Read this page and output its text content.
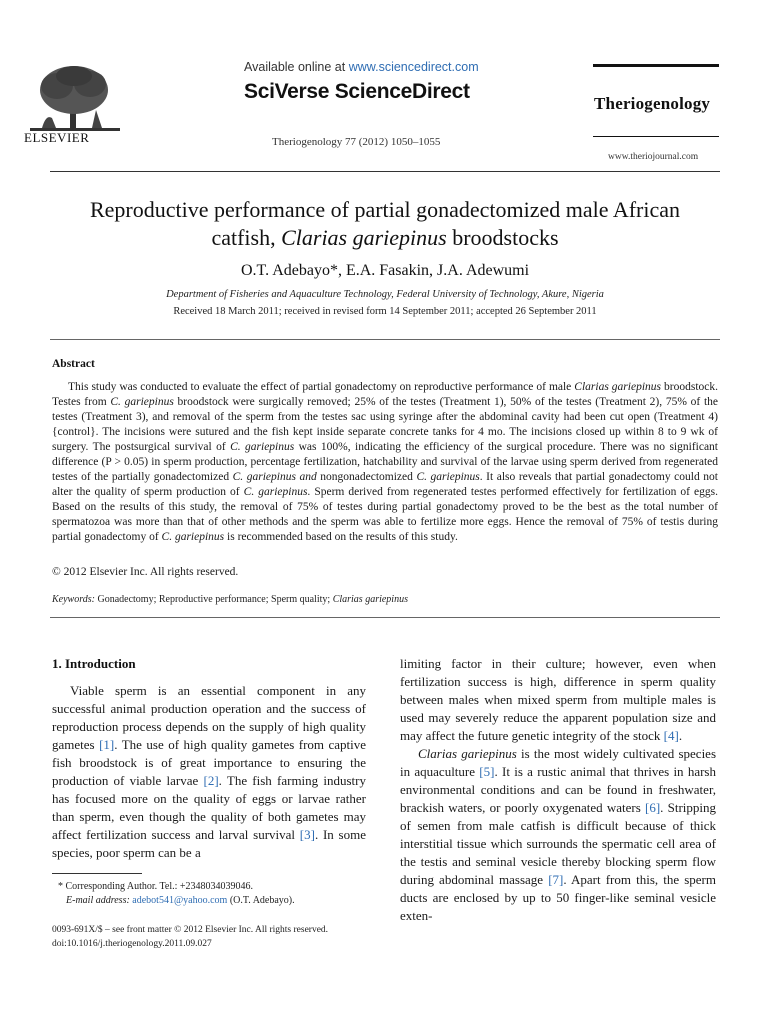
ELSEVIER
Available online at www.sciencedirect.com
SciVerse ScienceDirect
Theriogenology 77 (2012) 1050–1055
Theriogenology
www.theriojournal.com
Reproductive performance of partial gonadectomized male African
catfish, Clarias gariepinus broodstocks
O.T. Adebayo*, E.A. Fasakin, J.A. Adewumi
Department of Fisheries and Aquaculture Technology, Federal University of Technology, Akure, Nigeria
Received 18 March 2011; received in revised form 14 September 2011; accepted 26 September 2011
Abstract

This study was conducted to evaluate the effect of partial gonadectomy on reproductive performance of male Clarias gariepinus broodstock. Testes from C. gariepinus broodstock were surgically removed; 25% of the testes (Treatment 1), 50% of the testes (Treatment 2), 75% of the testes (Treatment 3), and removal of the sperm from the testes sac using syringe after the abdominal cavity had been cut open (Treatment 4) {control}. The incisions were sutured and the fish kept inside separate concrete tanks for 4 mo. The incisions closed up within 8 to 9 wk of surgery. The postsurgical survival of C. gariepinus was 100%, indicating the efficiency of the surgical procedure. There was no significant difference (P > 0.05) in sperm production, percentage fertilization, hatchability and survival of the larvae using sperm derived from regenerated testes of the partially gonadectomized C. gariepinus and nongonadectomized C. gariepinus. It also reveals that partial gonadectomy could not alter the quality of sperm production of C. gariepinus. Sperm derived from regenerated testes performed effectively for fertilization of eggs. Based on the results of this study, the removal of 75% of testes during partial gonadectomy proved to be the best as the total number of spermatozoa was more than that of other methods and the sperm was able to fertilize more eggs. Hence the removal of 75% of testis during partial gonadectomy of C. gariepinus is recommended based on the results of this study.

© 2012 Elsevier Inc. All rights reserved.
Keywords: Gonadectomy; Reproductive performance; Sperm quality; Clarias gariepinus
1. Introduction

Viable sperm is an essential component in any successful animal production operation and the success of reproduction process depends on the supply of high quality gametes [1]. The use of high quality gametes from captive fish broodstock is of great importance to ensuring the production of viable larvae [2]. The fish farming industry has focused more on the quality of eggs or larvae rather than sperm, even though the quality of both gametes may affect fertilization success and larval survival [3]. In some species, poor sperm can be a

limiting factor in their culture; however, even when fertilization success is high, difference in sperm quality between males when mixed sperm from multiple males is used may severely reduce the apparent population size and may affect the future genetic integrity of the stock [4].

Clarias gariepinus is the most widely cultivated species in aquaculture [5]. It is a rustic animal that thrives in harsh environmental conditions and can be found in freshwater, brackish waters, or poorly oxygenated waters [6]. Stripping of semen from male catfish is difficult because of thick interstitial tissue which surrounds the spermatic cell area of the testis and seminal vesicle thereby blocking sperm flow during abdominal massage [7]. Apart from this, the sperm ducts are enclosed by up to 50 finger-like seminal vesicle exten-

* Corresponding Author. Tel.: +2348034039046.
E-mail address: adebot541@yahoo.com (O.T. Adebayo).
0093-691X/$ – see front matter © 2012 Elsevier Inc. All rights reserved.
doi:10.1016/j.theriogenology.2011.09.027
